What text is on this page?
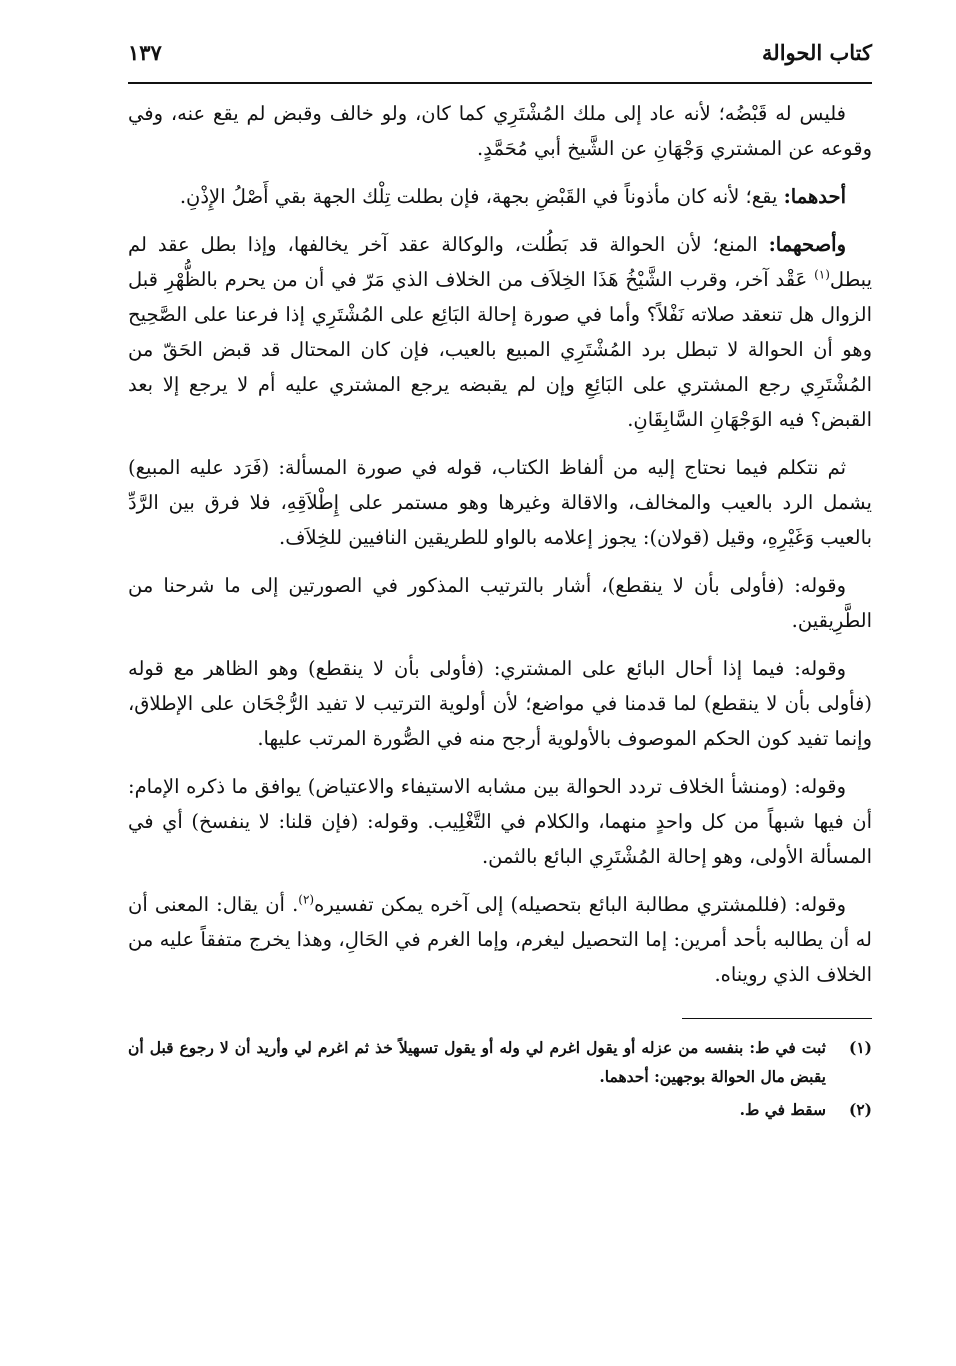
كتاب الحوالة
١٣٧

فليس له قَبْضُه؛ لأنه عاد إلى ملك المُشْتَرِي كما كان، ولو خالف وقبض لم يقع عنه، وفي وقوعه عن المشتري وَجْهَانِ عن الشَّيخ أبي مُحَمَّدٍ.

أحدهما: يقع؛ لأنه كان مأذوناً في القَبْضِ بجهة، فإن بطلت تِلْك الجهة بقي أَصْلُ الإِذْنِ.

وأصحهما: المنع؛ لأن الحوالة قد بَطُلت، والوكالة عقد آخر يخالفها، وإذا بطل عقد لم يبطل$^{(١)}$ عَقْد آخر، وقرب الشَّيْخُ هَذَا الخِلاَف من الخلاف الذي مَرّ في أن من يحرم بالظُّهْرِ قبل الزوال هل تنعقد صلاته نَفْلاً؟ وأما في صورة إحالة البَائِع على المُشْتَرِي إذا فرعنا على الصَّحِيح وهو أن الحوالة لا تبطل برد المُشْتَرِي المبيع بالعيب، فإن كان المحتال قد قبض الحَقّ من المُشْتَرِي رجع المشتري على البَائِعِ وإن لم يقبضه يرجع المشتري عليه أم لا يرجع إلا بعد القبض؟ فيه الوَجْهَانِ السَّابِقَانِ.

ثم نتكلم فيما نحتاج إليه من ألفاظ الكتاب، قوله في صورة المسألة: (فَرَد عليه المبيع) يشمل الرد بالعيب والمخالف، والاقالة وغيرها وهو مستمر على إِطْلاَقِهِ، فلا فرق بين الرَّدِّ بالعيب وَغَيْرِهِ، وقيل (قولان): يجوز إعلامه بالواو للطريقين النافيين للخِلاَف.

وقوله: (فأولى بأن لا ينقطع)، أشار بالترتيب المذكور في الصورتين إلى ما شرحنا من الطَّرِيقين.

وقوله: فيما إذا أحال البائع على المشتري: (فأولى بأن لا ينقطع) وهو الظاهر مع قوله (فأولى بأن لا ينقطع) لما قدمنا في مواضع؛ لأن أولوية الترتيب لا تفيد الرُّجْحَان على الإطلاق، وإنما تفيد كون الحكم الموصوف بالأولوية أرجح منه في الصُّورة المرتب عليها.

وقوله: (ومنشأ الخلاف تردد الحوالة بين مشابه الاستيفاء والاعتياض) يوافق ما ذكره الإمام: أن فيها شبهاً من كل واحدٍ منهما، والكلام في التَّغْلِيب. وقوله: (فإن قلنا: لا ينفسخ) أي في المسألة الأولى، وهو إحالة المُشْتَرِي البائع بالثمن.

وقوله: (فللمشتري مطالبة البائع بتحصيله) إلى آخره يمكن تفسيره$^{(٢)}$. أن يقال: المعنى أن له أن يطالبه بأحد أمرين: إما التحصيل ليغرم، وإما الغرم في الحَالِ، وهذا يخرج متفقاً عليه من الخلاف الذي رويناه.

(١)
ثبت في ط: بنفسه من عزله أو يقول اغرم لي وله أو يقول تسهيلاً خذ ثم اغرم لي وأريد أن لا رجوع قبل أن يقبض مال الحوالة بوجهين: أحدهما.
(٢)
سقط في ط.
